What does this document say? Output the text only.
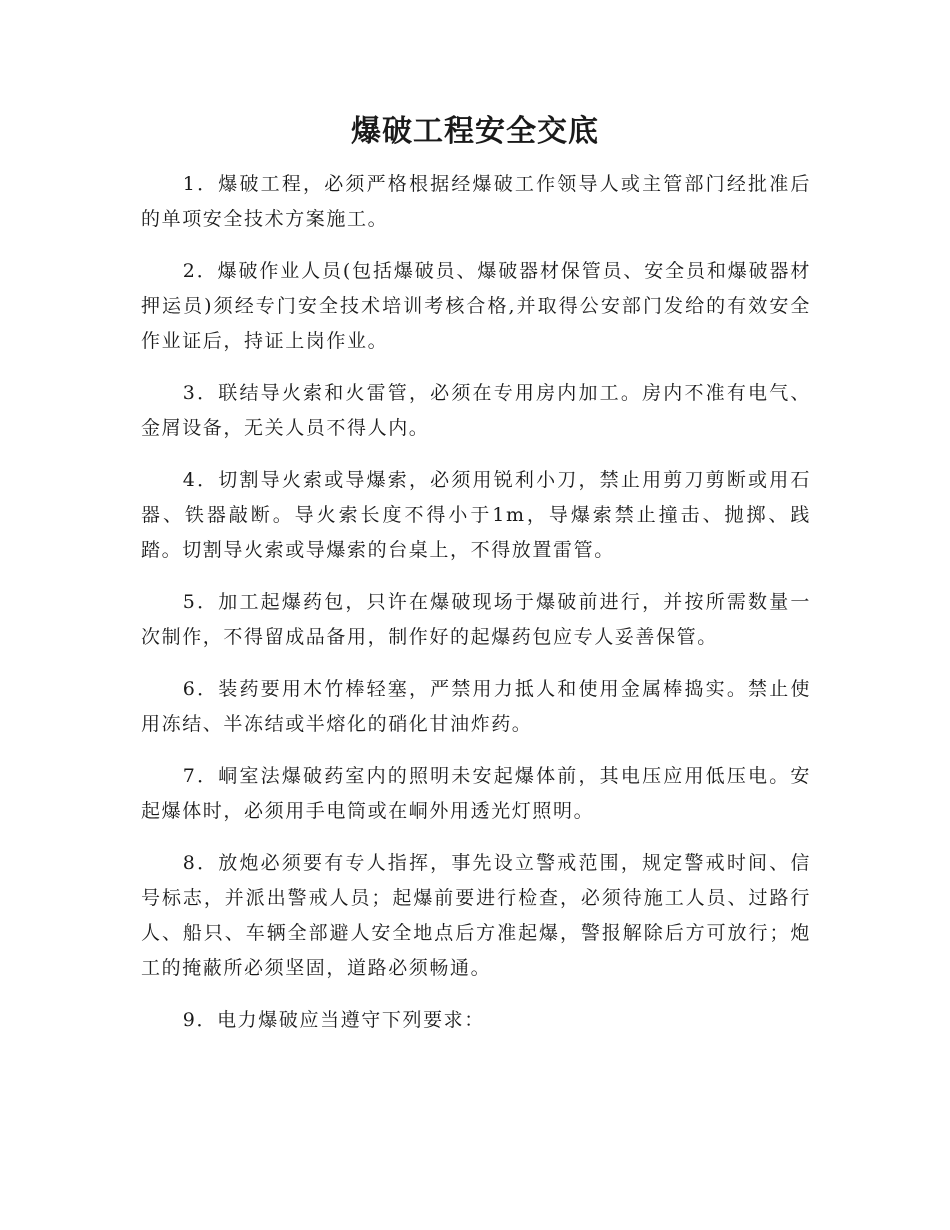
爆破工程安全交底

1．爆破工程，必须严格根据经爆破工作领导人或主管部门经批准后的单项安全技术方案施工。

2．爆破作业人员(包括爆破员、爆破器材保管员、安全员和爆破器材押运员)须经专门安全技术培训考核合格,并取得公安部门发给的有效安全作业证后，持证上岗作业。

3．联结导火索和火雷管，必须在专用房内加工。房内不准有电气、金屑设备，无关人员不得人内。

4．切割导火索或导爆索，必须用锐利小刀，禁止用剪刀剪断或用石器、铁器敲断。导火索长度不得小于1m，导爆索禁止撞击、抛掷、践踏。切割导火索或导爆索的台桌上，不得放置雷管。

5．加工起爆药包，只许在爆破现场于爆破前进行，并按所需数量一次制作，不得留成品备用，制作好的起爆药包应专人妥善保管。

6．装药要用木竹棒轻塞，严禁用力抵人和使用金属棒捣实。禁止使用冻结、半冻结或半熔化的硝化甘油炸药。

7．峒室法爆破药室内的照明未安起爆体前，其电压应用低压电。安起爆体时，必须用手电筒或在峒外用透光灯照明。

8．放炮必须要有专人指挥，事先设立警戒范围，规定警戒时间、信号标志，并派出警戒人员；起爆前要进行检查，必须待施工人员、过路行人、船只、车辆全部避人安全地点后方准起爆，警报解除后方可放行；炮工的掩蔽所必须坚固，道路必须畅通。

9．电力爆破应当遵守下列要求：
